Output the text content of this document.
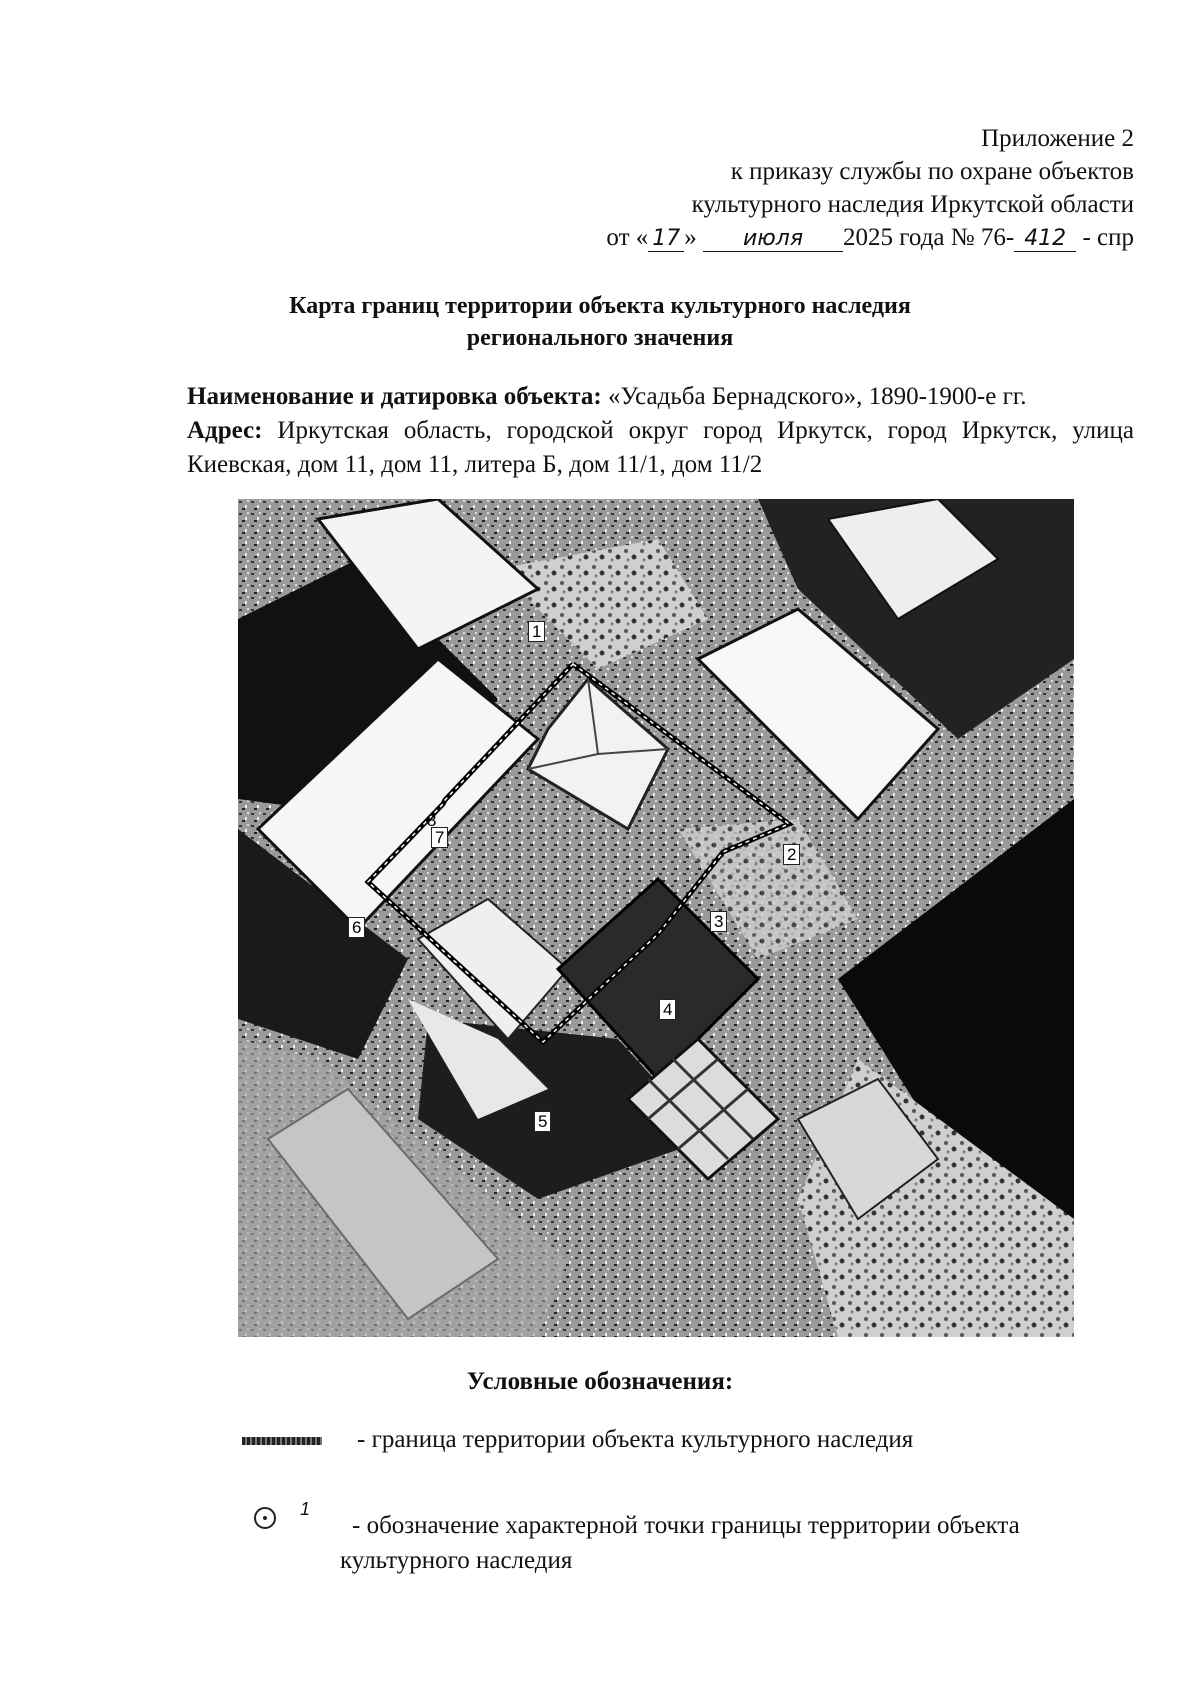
Приложение 2
к приказу службы по охране объектов
культурного наследия Иркутской области
от « 17 » июля 2025 года № 76- 412 - спр
Карта границ территории объекта культурного наследия
регионального значения
Наименование и датировка объекта: «Усадьба Бернадского», 1890-1900-е гг.
Адрес: Иркутская область, городской округ город Иркутск, город Иркутск, улица Киевская, дом 11, дом 11, литера Б, дом 11/1, дом 11/2
1
2
3
4
5
6
7
8
Условные обозначения:
- граница территории объекта культурного наследия
1
- обозначение характерной точки границы территории объекта
культурного наследия
